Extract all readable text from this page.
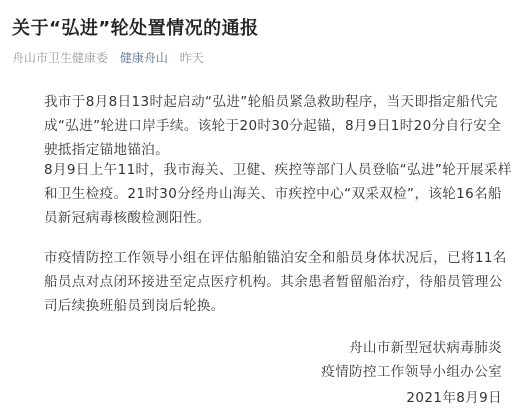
关于“弘进”轮处置情况的通报
舟山市卫生健康委 健康舟山 昨天

我市于8月8日13时起启动“弘进”轮船员紧急救助程序，当天即指定船代完成“弘进”轮进口岸手续。该轮于20时30分起锚，8月9日1时20分自行安全驶抵指定锚地锚泊。

8月9日上午11时，我市海关、卫健、疾控等部门人员登临“弘进”轮开展采样和卫生检疫。21时30分经舟山海关、市疾控中心“双采双检”，该轮16名船员新冠病毒核酸检测阳性。

市疫情防控工作领导小组在评估船舶锚泊安全和船员身体状况后，已将11名船员点对点闭环接进至定点医疗机构。其余患者暂留船治疗，待船员管理公司后续换班船员到岗后轮换。

舟山市新型冠状病毒肺炎
疫情防控工作领导小组办公室
2021年8月9日
